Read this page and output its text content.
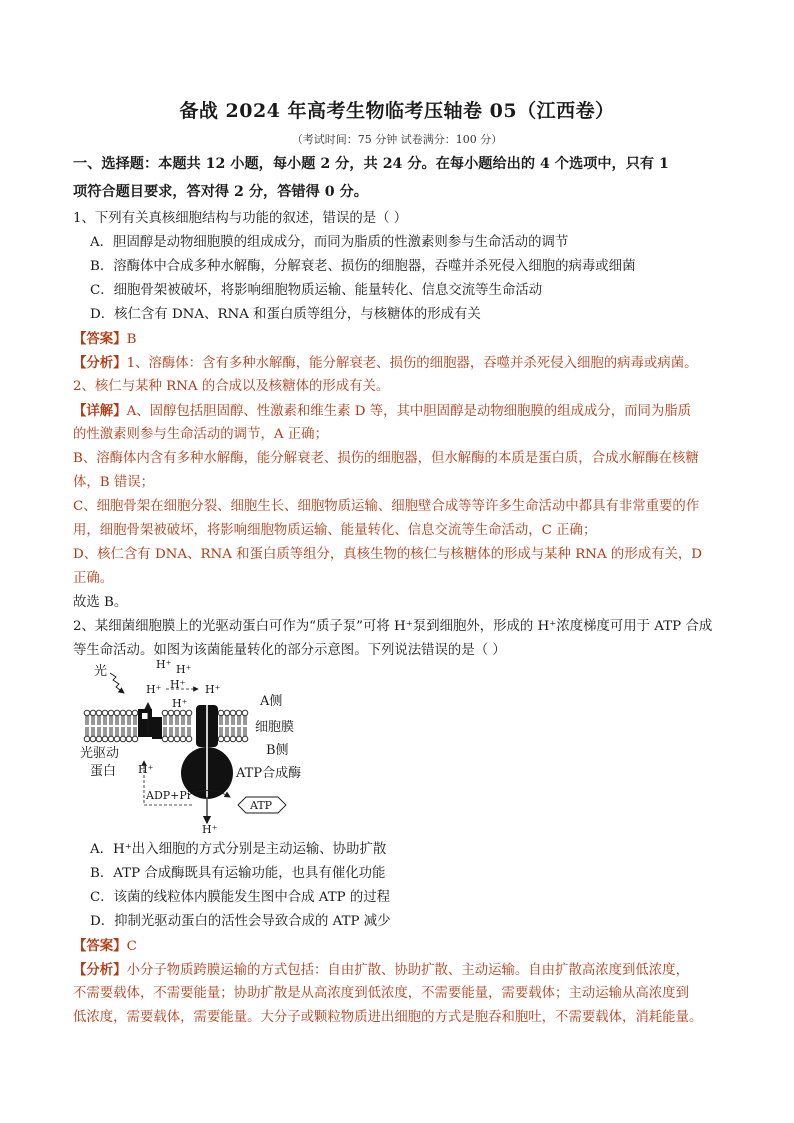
备战 2024 年高考生物临考压轴卷 05（江西卷）
（考试时间：75 分钟 试卷满分：100 分）
一、选择题：本题共 12 小题，每小题 2 分，共 24 分。在每小题给出的 4 个选项中，只有 1
项符合题目要求，答对得 2 分，答错得 0 分。
1、下列有关真核细胞结构与功能的叙述，错误的是（ ）
A．胆固醇是动物细胞膜的组成成分，而同为脂质的性激素则参与生命活动的调节
B．溶酶体中合成多种水解酶，分解衰老、损伤的细胞器，吞噬并杀死侵入细胞的病毒或细菌
C．细胞骨架被破坏，将影响细胞物质运输、能量转化、信息交流等生命活动
D．核仁含有 DNA、RNA 和蛋白质等组分，与核糖体的形成有关
【答案】B
【分析】1、溶酶体：含有多种水解酶，能分解衰老、损伤的细胞器，吞噬并杀死侵入细胞的病毒或病菌。
2、核仁与某种 RNA 的合成以及核糖体的形成有关。
【详解】A、固醇包括胆固醇、性激素和维生素 D 等，其中胆固醇是动物细胞膜的组成成分，而同为脂质
的性激素则参与生命活动的调节，A 正确；
B、溶酶体内含有多种水解酶，能分解衰老、损伤的细胞器，但水解酶的本质是蛋白质，合成水解酶在核糖
体，B 错误；
C、细胞骨架在细胞分裂、细胞生长、细胞物质运输、细胞壁合成等等许多生命活动中都具有非常重要的作
用，细胞骨架被破坏，将影响细胞物质运输、能量转化、信息交流等生命活动，C 正确；
D、核仁含有 DNA、RNA 和蛋白质等组分，真核生物的核仁与核糖体的形成与某种 RNA 的形成有关，D
正确。
故选 B。
2、某细菌细胞膜上的光驱动蛋白可作为“质子泵”可将 H⁺泵到细胞外，形成的 H⁺浓度梯度可用于 ATP 合成
等生命活动。如图为该菌能量转化的部分示意图。下列说法错误的是（ ）
光	H⁺ H⁺
H⁺ H⁺
H⁺
H⁺
H⁺
H⁺
A侧
细胞膜
B侧
光驱动
蛋白	ATP合成酶
ADP+Pi
ATP
A．H⁺出入细胞的方式分别是主动运输、协助扩散
B．ATP 合成酶既具有运输功能，也具有催化功能
C．该菌的线粒体内膜能发生图中合成 ATP 的过程
D．抑制光驱动蛋白的活性会导致合成的 ATP 减少
【答案】C
【分析】小分子物质跨膜运输的方式包括：自由扩散、协助扩散、主动运输。自由扩散高浓度到低浓度，
不需要载体，不需要能量；协助扩散是从高浓度到低浓度，不需要能量，需要载体；主动运输从高浓度到
低浓度，需要载体，需要能量。大分子或颗粒物质进出细胞的方式是胞吞和胞吐，不需要载体，消耗能量。
